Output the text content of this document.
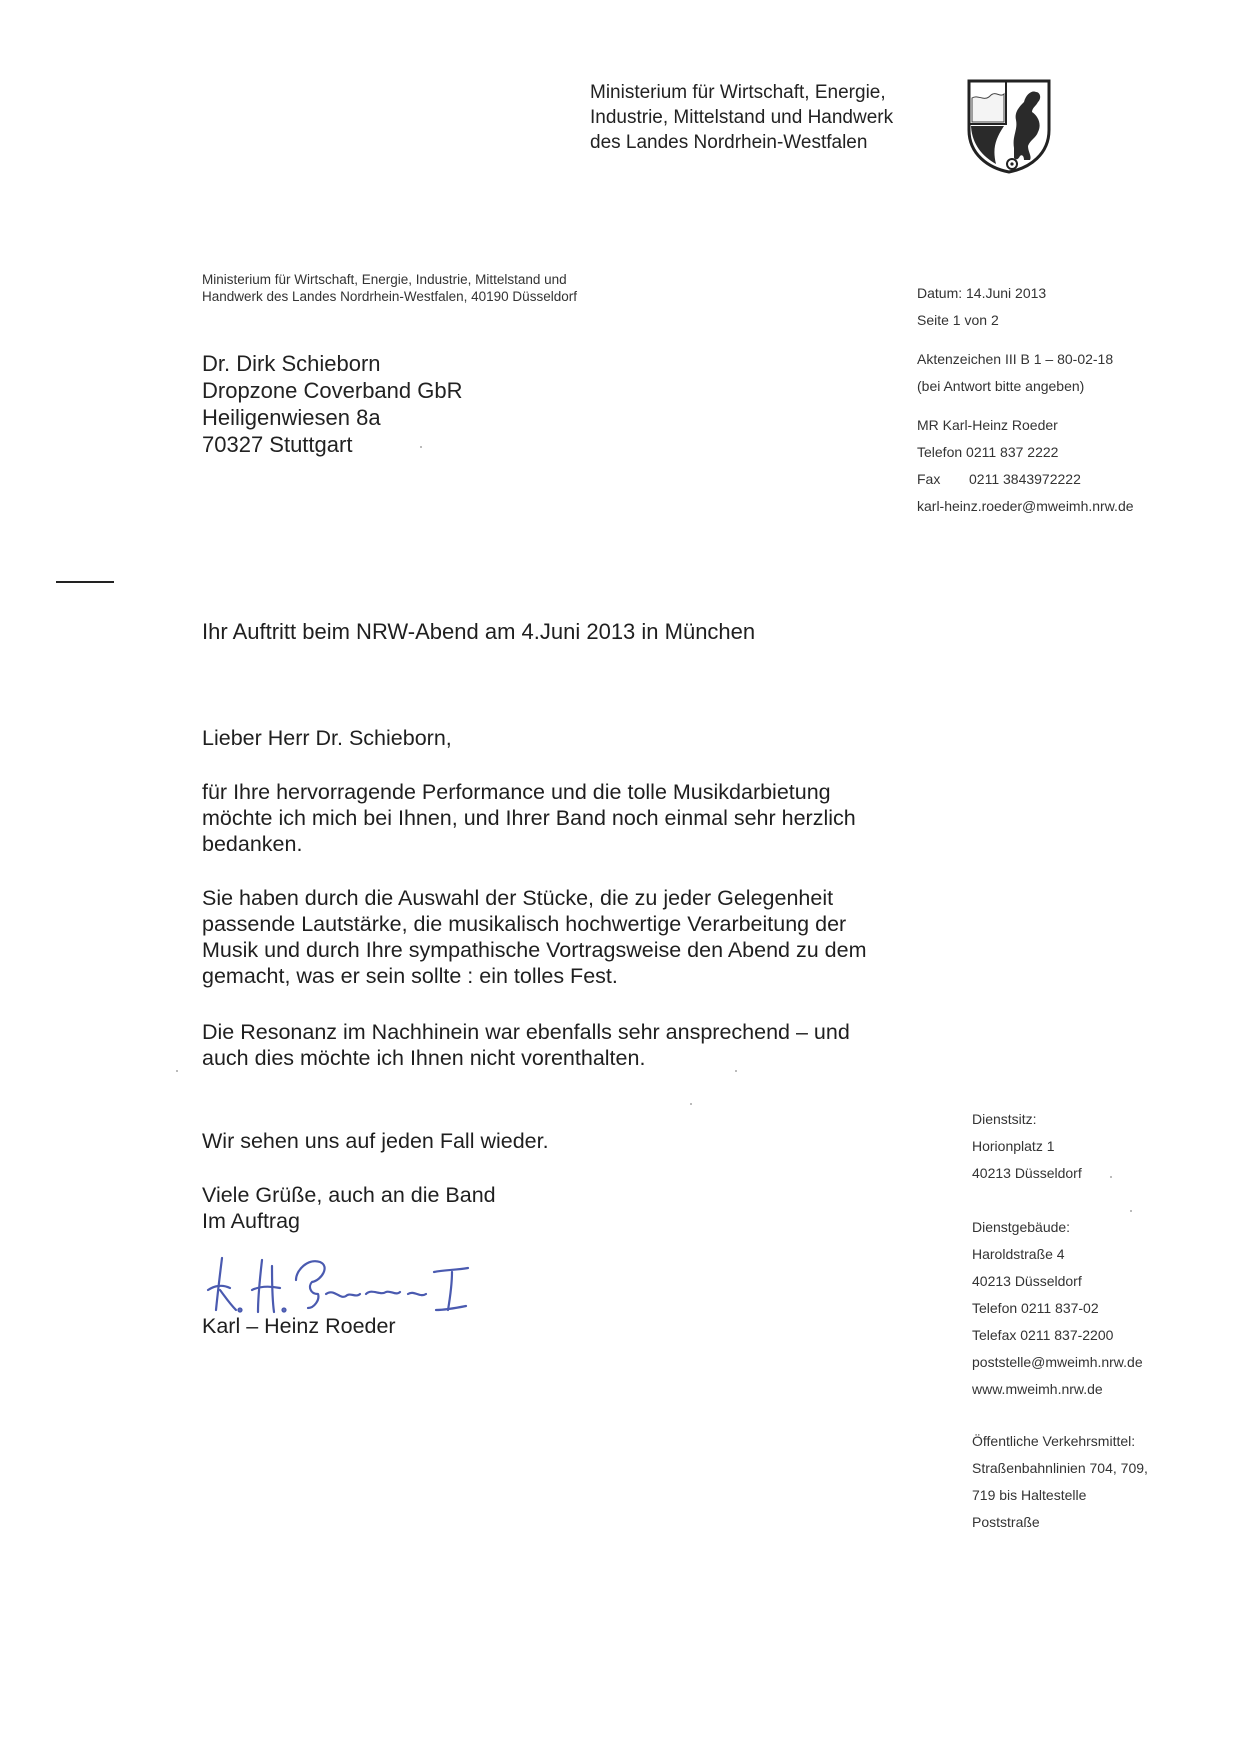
Ministerium für Wirtschaft, Energie,
Industrie, Mittelstand und Handwerk
des Landes Nordrhein-Westfalen
Ministerium für Wirtschaft, Energie, Industrie, Mittelstand und
Handwerk des Landes Nordrhein-Westfalen, 40190 Düsseldorf
Dr. Dirk Schieborn
Dropzone Coverband GbR
Heiligenwiesen 8a
70327 Stuttgart
Datum: 14.Juni 2013
Seite 1 von 2
Aktenzeichen III B 1 – 80-02-18
(bei Antwort bitte angeben)
MR Karl-Heinz Roeder
Telefon 0211 837 2222
Fax 0211 3843972222
karl-heinz.roeder@mweimh.nrw.de
Ihr Auftritt beim NRW-Abend am 4.Juni 2013 in München

Lieber Herr Dr. Schieborn,

für Ihre hervorragende Performance und die tolle Musikdarbietung

möchte ich mich bei Ihnen, und Ihrer Band noch einmal sehr herzlich

bedanken.

Sie haben durch die Auswahl der Stücke, die zu jeder Gelegenheit

passende Lautstärke, die musikalisch hochwertige Verarbeitung der

Musik und durch Ihre sympathische Vortragsweise den Abend zu dem

gemacht, was er sein sollte : ein tolles Fest.

Die Resonanz im Nachhinein war ebenfalls sehr ansprechend – und

auch dies möchte ich Ihnen nicht vorenthalten.

Wir sehen uns auf jeden Fall wieder.

Viele Grüße, auch an die Band

Im Auftrag

Karl – Heinz Roeder

Dienstsitz:
Horionplatz 1
40213 Düsseldorf
Dienstgebäude:
Haroldstraße 4
40213 Düsseldorf
Telefon 0211 837-02
Telefax 0211 837-2200
poststelle@mweimh.nrw.de
www.mweimh.nrw.de
Öffentliche Verkehrsmittel:
Straßenbahnlinien 704, 709,
719 bis Haltestelle
Poststraße
